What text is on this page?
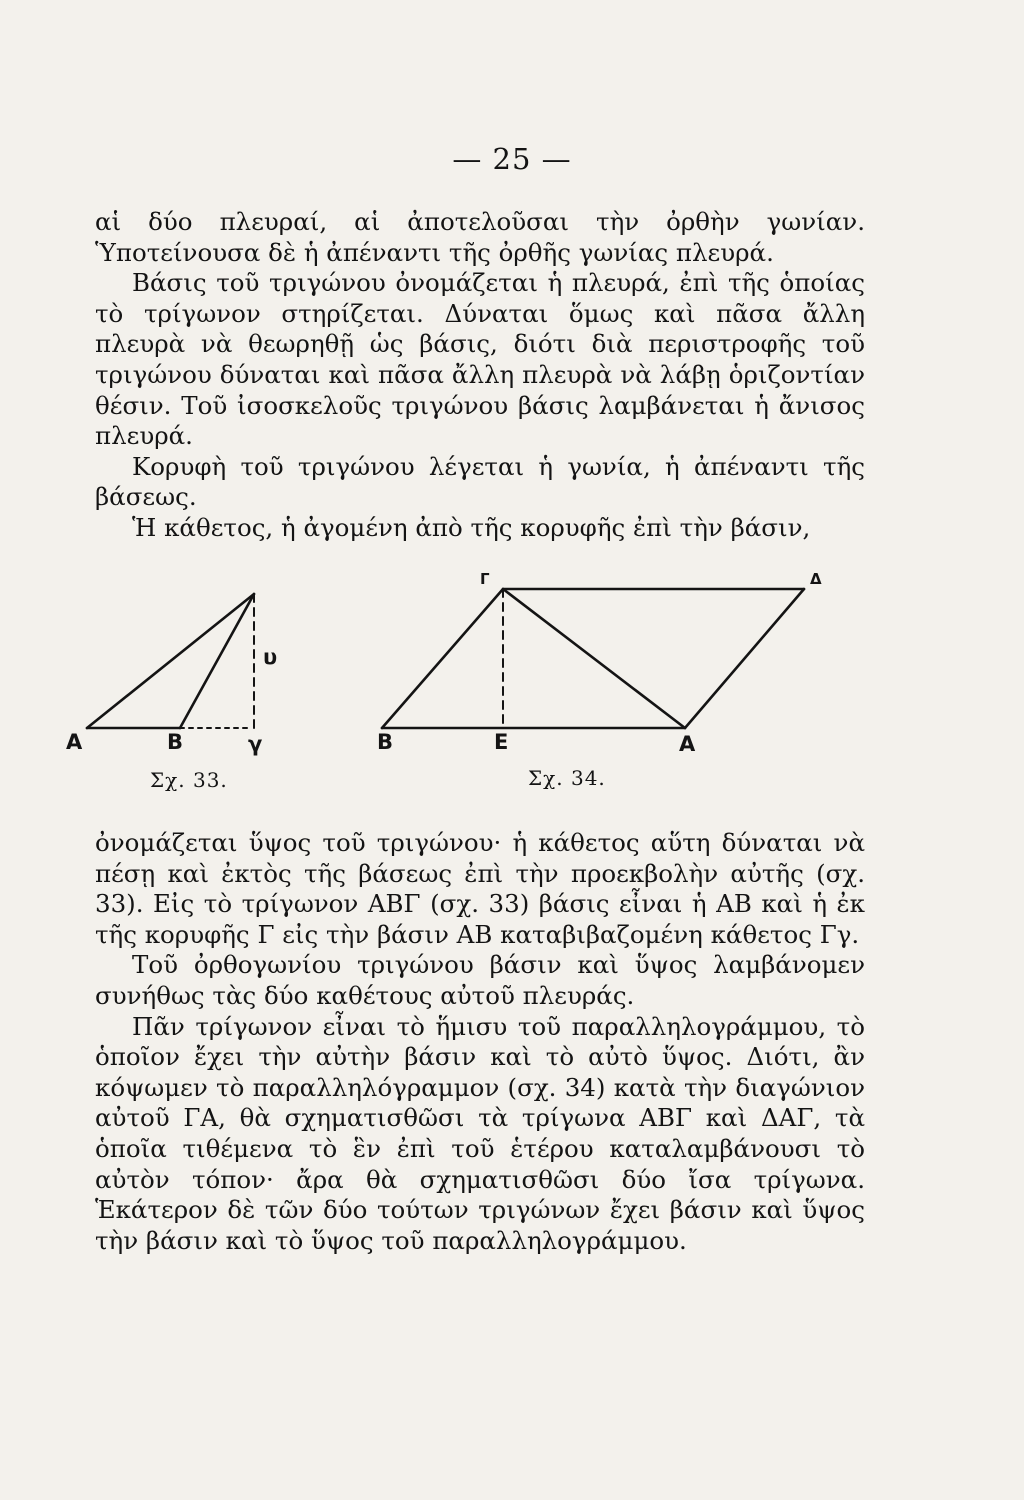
— 25 —

αἱ δύο πλευραί, αἱ ἀποτελοῦσαι τὴν ὀρθὴν γωνίαν. Ὑποτείνουσα δὲ ἡ ἀπέναντι τῆς ὀρθῆς γωνίας πλευρά.

Βάσις τοῦ τριγώνου ὀνομάζεται ἡ πλευρά, ἐπὶ τῆς ὁποίας τὸ τρίγωνον στηρίζεται. Δύναται ὅμως καὶ πᾶσα ἄλλη πλευρὰ νὰ θεωρηθῇ ὡς βάσις, διότι διὰ περιστροφῆς τοῦ τριγώνου δύναται καὶ πᾶσα ἄλλη πλευρὰ νὰ λάβῃ ὁριζοντίαν θέσιν. Τοῦ ἰσοσκελοῦς τριγώνου βάσις λαμβάνεται ἡ ἄνισος πλευρά.

Κορυφὴ τοῦ τριγώνου λέγεται ἡ γωνία, ἡ ἀπέναντι τῆς βάσεως.

Ἡ κάθετος, ἡ ἀγομένη ἀπὸ τῆς κορυφῆς ἐπὶ τὴν βάσιν,

Α	Β	γ
υ
Β	Ε	Α
Γ	Δ
Σχ. 33.	Σχ. 34.

ὀνομάζεται ὕψος τοῦ τριγώνου· ἡ κάθετος αὕτη δύναται νὰ πέσῃ καὶ ἐκτὸς τῆς βάσεως ἐπὶ τὴν προεκβολὴν αὐτῆς (σχ. 33). Εἰς τὸ τρίγωνον ΑΒΓ (σχ. 33) βάσις εἶναι ἡ ΑΒ καὶ ἡ ἐκ τῆς κορυφῆς Γ εἰς τὴν βάσιν ΑΒ καταβιβαζομένη κάθετος Γγ.

Τοῦ ὀρθογωνίου τριγώνου βάσιν καὶ ὕψος λαμβάνομεν συνήθως τὰς δύο καθέτους αὐτοῦ πλευράς.

Πᾶν τρίγωνον εἶναι τὸ ἥμισυ τοῦ παραλληλογράμμου, τὸ ὁποῖον ἔχει τὴν αὐτὴν βάσιν καὶ τὸ αὐτὸ ὕψος. Διότι, ἂν κόψωμεν τὸ παραλληλόγραμμον (σχ. 34) κατὰ τὴν διαγώνιον αὐτοῦ ΓΑ, θὰ σχηματισθῶσι τὰ τρίγωνα ΑΒΓ καὶ ΔΑΓ, τὰ ὁποῖα τιθέμενα τὸ ἓν ἐπὶ τοῦ ἑτέρου καταλαμβάνουσι τὸ αὐτὸν τόπον· ἄρα θὰ σχηματισθῶσι δύο ἴσα τρίγωνα. Ἑκάτερον δὲ τῶν δύο τούτων τριγώνων ἔχει βάσιν καὶ ὕψος τὴν βάσιν καὶ τὸ ὕψος τοῦ παραλληλογράμμου.
